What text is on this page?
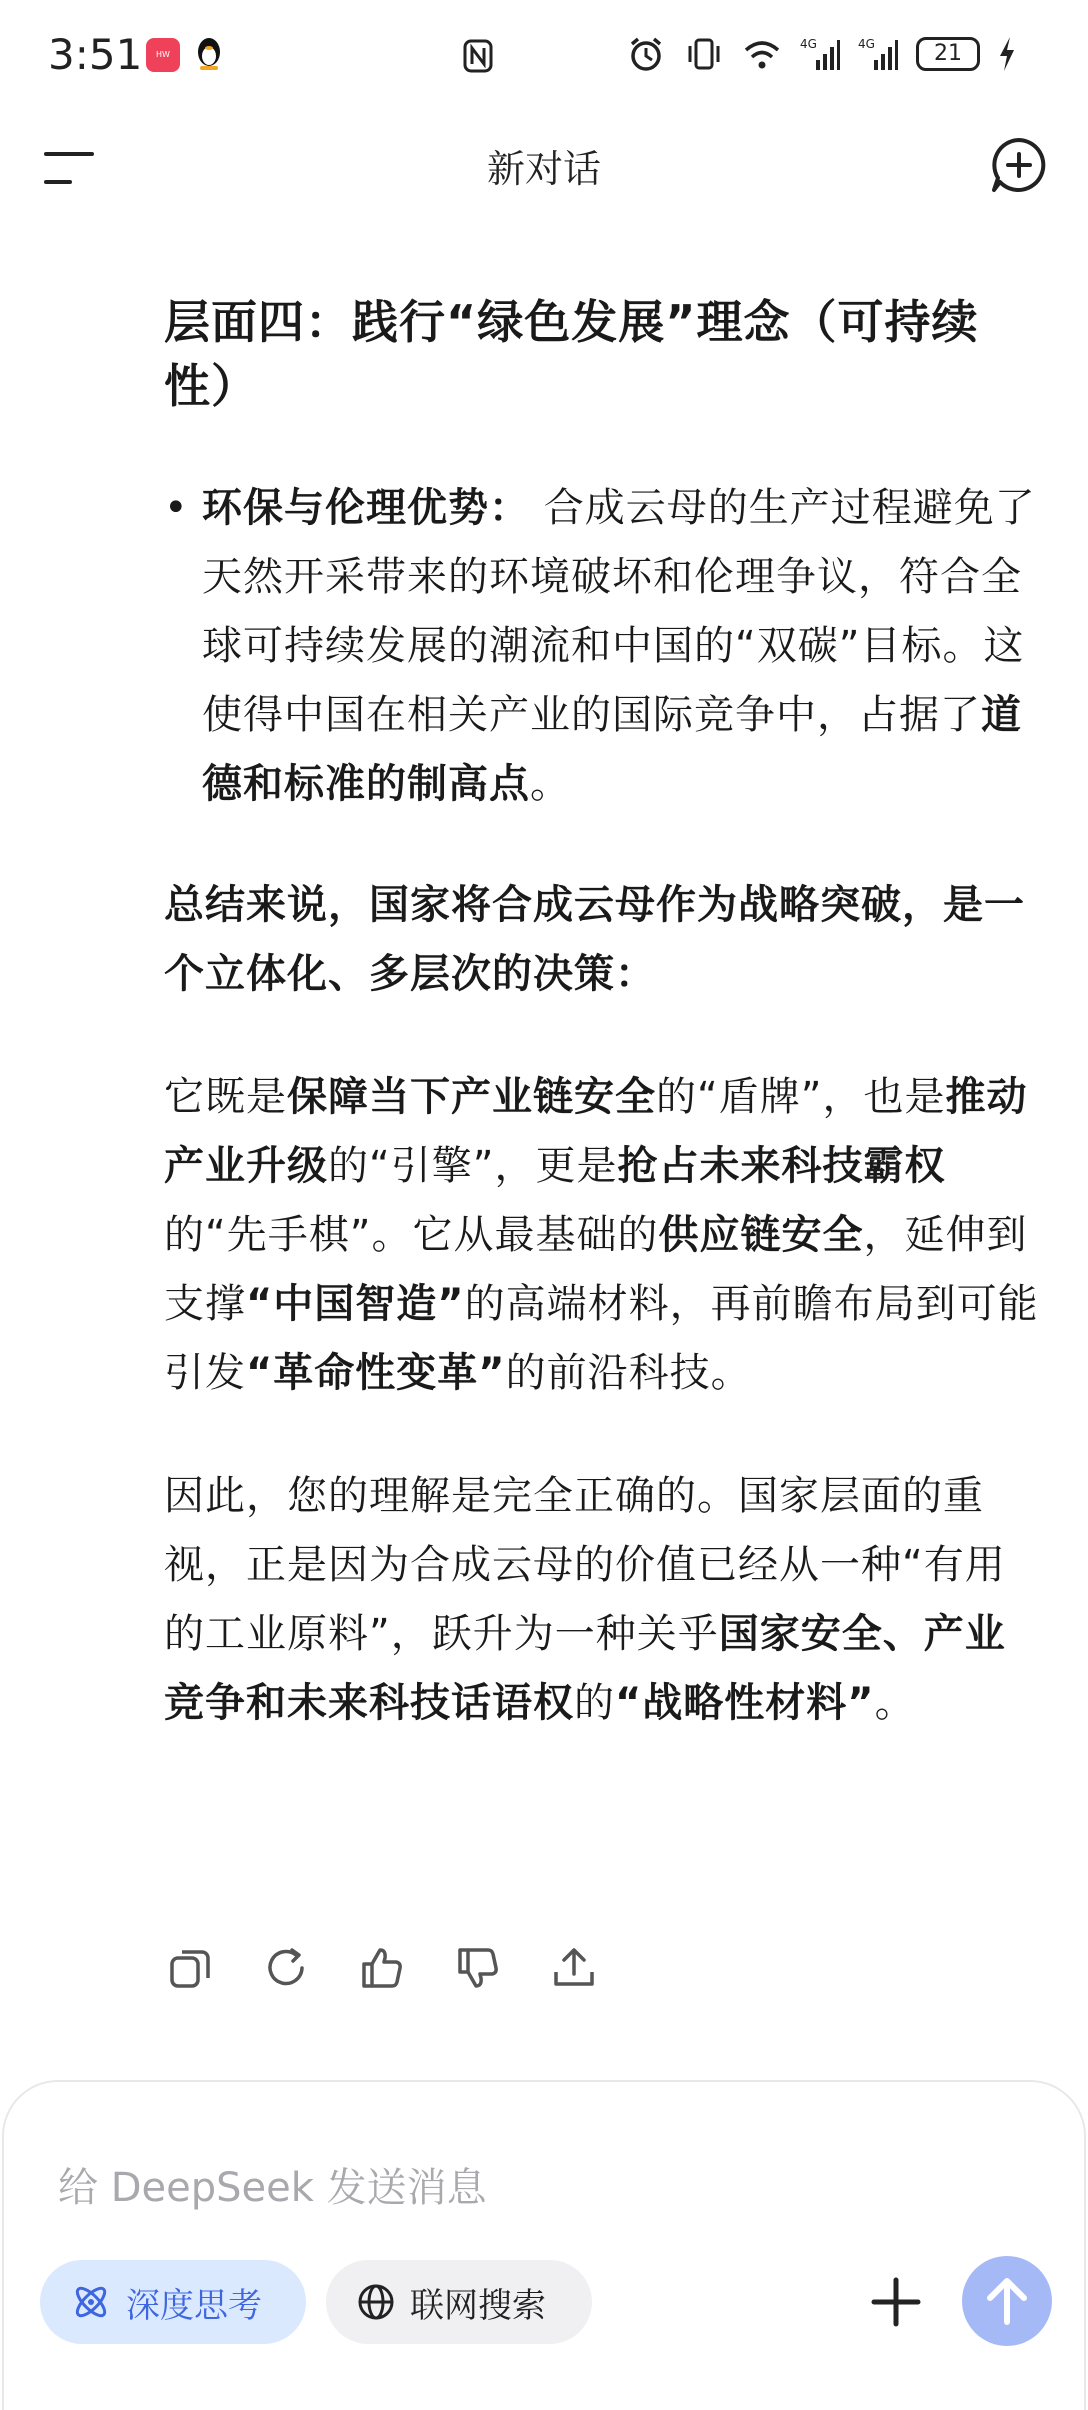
3:51	HW
4G	4G	21
新对话
层面四：践行“绿色发展”理念（可持续性）
• 环保与伦理优势： 合成云母的生产过程避免了天然开采带来的环境破坏和伦理争议，符合全球可持续发展的潮流和中国的“双碳”目标。这使得中国在相关产业的国际竞争中，占据了道德和标准的制高点。

总结来说，国家将合成云母作为战略突破，是一个立体化、多层次的决策：

它既是保障当下产业链安全的“盾牌”，也是推动产业升级的“引擎”，更是抢占未来科技霸权的“先手棋”。它从最基础的供应链安全，延伸到支撑“中国智造”的高端材料，再前瞻布局到可能引发“革命性变革”的前沿科技。

因此，您的理解是完全正确的。国家层面的重视，正是因为合成云母的价值已经从一种“有用的工业原料”，跃升为一种关乎国家安全、产业竞争和未来科技话语权的“战略性材料”。

给 DeepSeek 发送消息
深度思考	联网搜索
